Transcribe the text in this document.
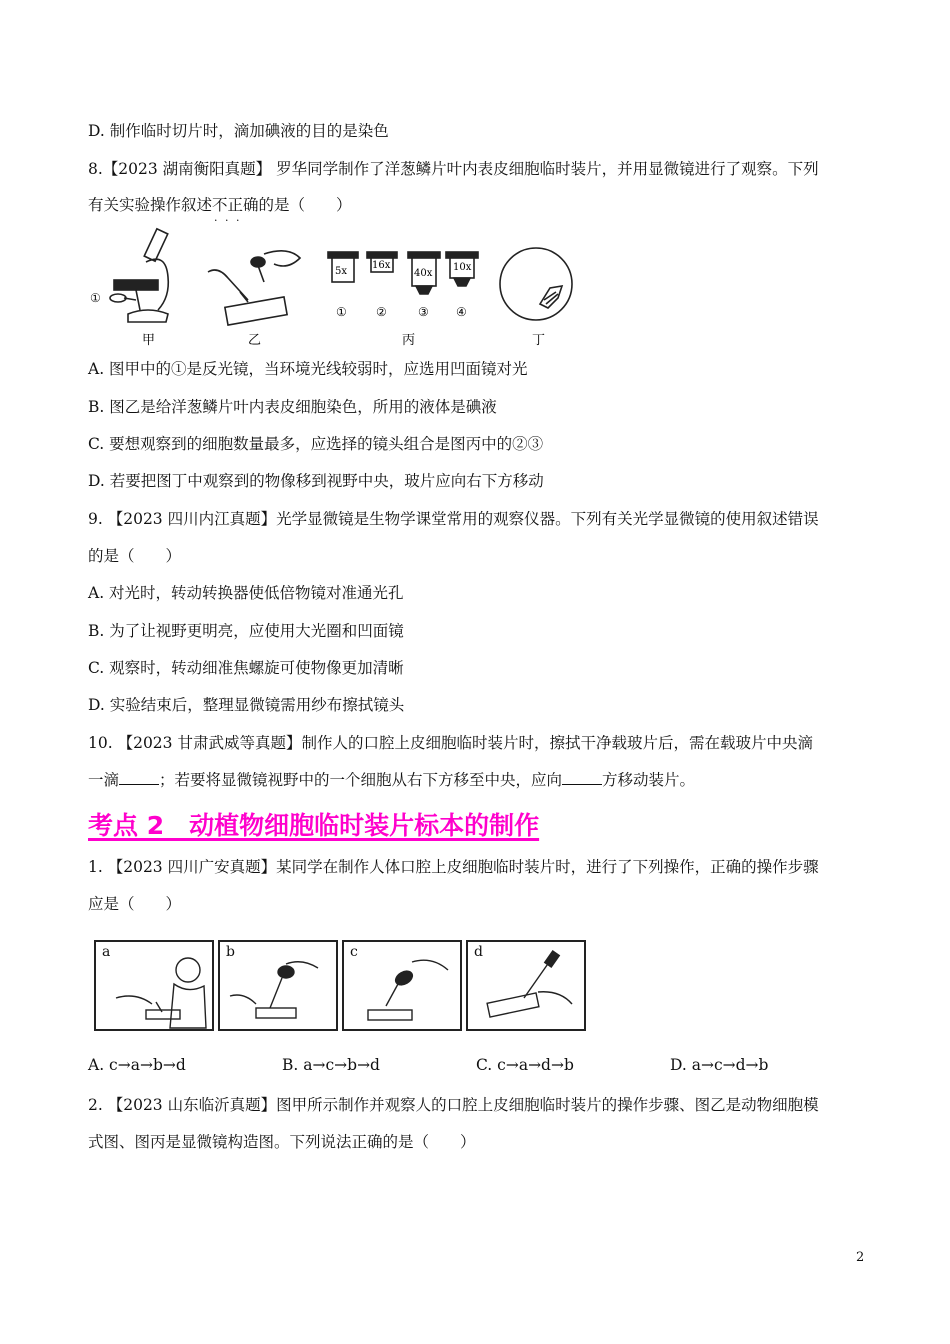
D. 制作临时切片时，滴加碘液的目的是染色
8.【2023 湖南衡阳真题】 罗华同学制作了洋葱鳞片叶内表皮细胞临时装片，并用显微镜进行了观察。下列
有关实验操作叙述不正确 · · ·的是（　　）
①
5x
16x
40x
10x
① ②	③ ④
甲	乙	丙	丁
A. 图甲中的①是反光镜，当环境光线较弱时，应选用凹面镜对光
B. 图乙是给洋葱鳞片叶内表皮细胞染色，所用的液体是碘液
C. 要想观察到的细胞数量最多，应选择的镜头组合是图丙中的②③
D. 若要把图丁中观察到的物像移到视野中央，玻片应向右下方移动
9. 【2023 四川内江真题】光学显微镜是生物学课堂常用的观察仪器。下列有关光学显微镜的使用叙述错误
的是（　　）
A. 对光时，转动转换器使低倍物镜对准通光孔
B. 为了让视野更明亮，应使用大光圈和凹面镜
C. 观察时，转动细准焦螺旋可使物像更加清晰
D. 实验结束后，整理显微镜需用纱布擦拭镜头
10. 【2023 甘肃武威等真题】制作人的口腔上皮细胞临时装片时，擦拭干净载玻片后，需在载玻片中央滴
一滴	；若要将显微镜视野中的一个细胞从右下方移至中央，应向	方移动装片。
考点 2　动植物细胞临时装片标本的制作
1. 【2023 四川广安真题】某同学在制作人体口腔上皮细胞临时装片时，进行了下列操作，正确的操作步骤
应是（　　）
a	b	c	d
A. c→a→b→d	B. a→c→b→d	C. c→a→d→b	D. a→c→d→b
2. 【2023 山东临沂真题】图甲所示制作并观察人的口腔上皮细胞临时装片的操作步骤、图乙是动物细胞模
式图、图丙是显微镜构造图。下列说法正确的是（　　）
2
